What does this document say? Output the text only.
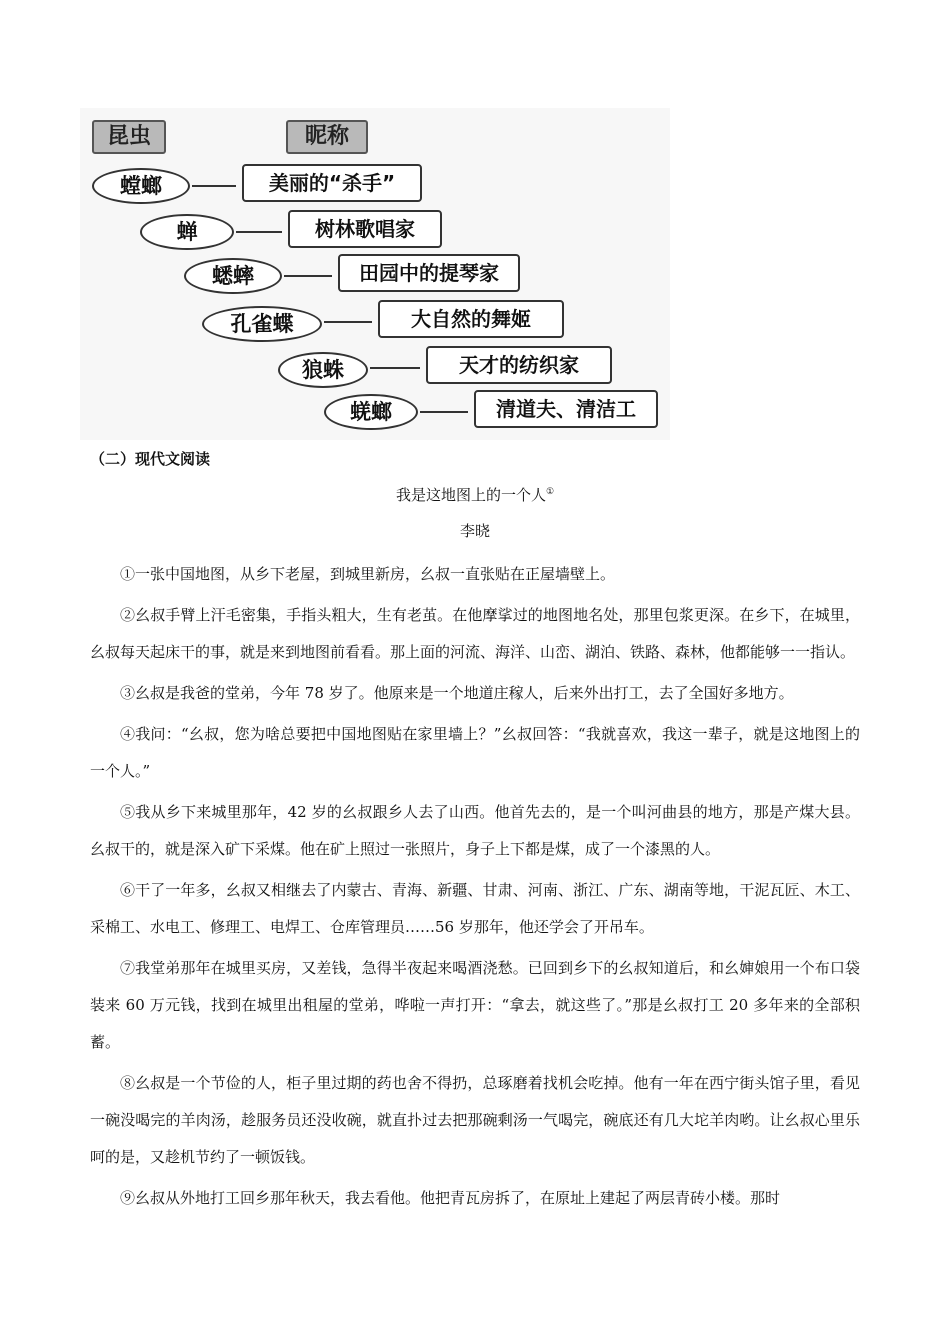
昆虫	昵称
螳螂	美丽的“杀手”
蝉	树林歌唱家
蟋蟀	田园中的提琴家
孔雀蝶	大自然的舞姬
狼蛛	天才的纺织家
蜣螂	清道夫、清洁工
（二）现代文阅读
我是这地图上的一个人①
李晓

①一张中国地图，从乡下老屋，到城里新房，幺叔一直张贴在正屋墙壁上。

②幺叔手臂上汗毛密集，手指头粗大，生有老茧。在他摩挲过的地图地名处，那里包浆更深。在乡下，在城里，幺叔每天起床干的事，就是来到地图前看看。那上面的河流、海洋、山峦、湖泊、铁路、森林，他都能够一一指认。

③幺叔是我爸的堂弟，今年 78 岁了。他原来是一个地道庄稼人，后来外出打工，去了全国好多地方。

④我问：“幺叔，您为啥总要把中国地图贴在家里墙上？”幺叔回答：“我就喜欢，我这一辈子，就是这地图上的一个人。”

⑤我从乡下来城里那年，42 岁的幺叔跟乡人去了山西。他首先去的，是一个叫河曲县的地方，那是产煤大县。幺叔干的，就是深入矿下采煤。他在矿上照过一张照片，身子上下都是煤，成了一个漆黑的人。

⑥干了一年多，幺叔又相继去了内蒙古、青海、新疆、甘肃、河南、浙江、广东、湖南等地，干泥瓦匠、木工、采棉工、水电工、修理工、电焊工、仓库管理员……56 岁那年，他还学会了开吊车。

⑦我堂弟那年在城里买房，又差钱，急得半夜起来喝酒浇愁。已回到乡下的幺叔知道后，和幺婶娘用一个布口袋装来 60 万元钱，找到在城里出租屋的堂弟，哗啦一声打开：“拿去，就这些了。”那是幺叔打工 20 多年来的全部积蓄。

⑧幺叔是一个节俭的人，柜子里过期的药也舍不得扔，总琢磨着找机会吃掉。他有一年在西宁街头馆子里，看见一碗没喝完的羊肉汤，趁服务员还没收碗，就直扑过去把那碗剩汤一气喝完，碗底还有几大坨羊肉哟。让幺叔心里乐呵的是，又趁机节约了一顿饭钱。

⑨幺叔从外地打工回乡那年秋天，我去看他。他把青瓦房拆了，在原址上建起了两层青砖小楼。那时
